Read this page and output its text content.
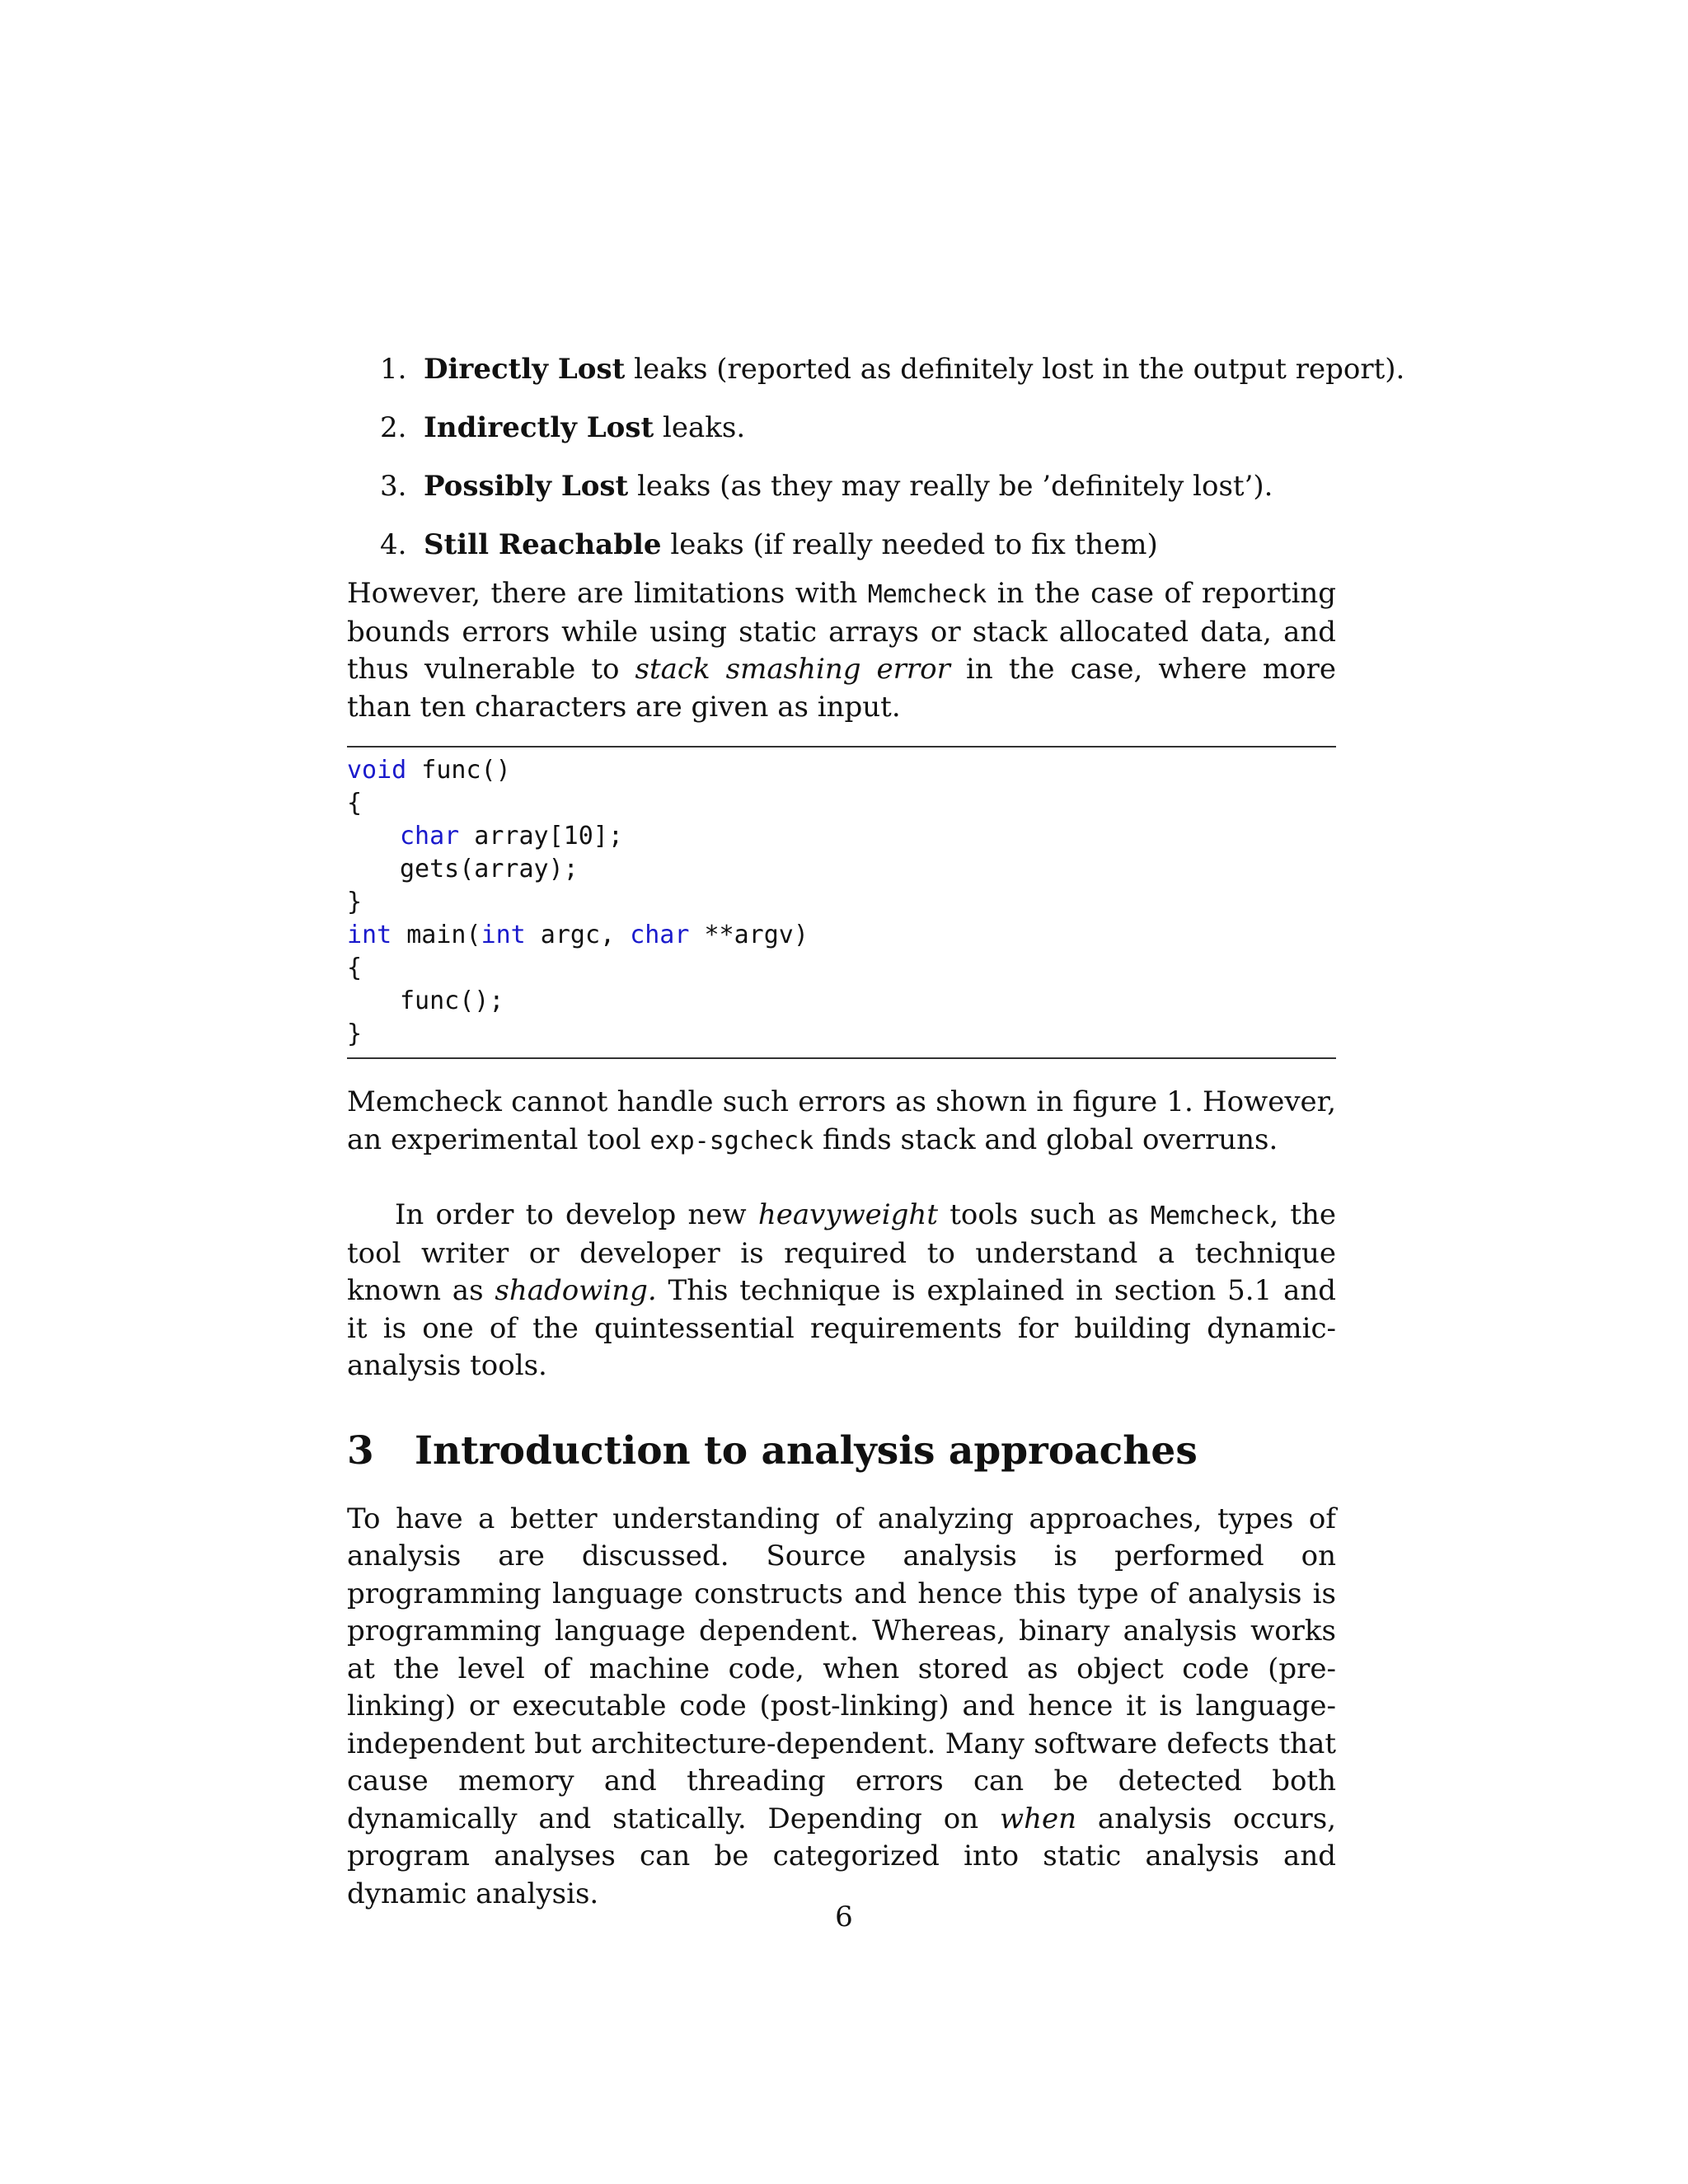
1. Directly Lost leaks (reported as definitely lost in the output report).
2. Indirectly Lost leaks.
3. Possibly Lost leaks (as they may really be ’definitely lost’).
4. Still Reachable leaks (if really needed to fix them)

However, there are limitations with Memcheck in the case of reporting bounds errors while using static arrays or stack allocated data, and thus vulnerable to stack smashing error in the case, where more than ten characters are given as input.

void func()
{
char array[10];
gets(array);
}
int main(int argc, char **argv)
{
func();
}

Memcheck cannot handle such errors as shown in figure 1. However, an experimental tool exp-sgcheck finds stack and global overruns.

In order to develop new heavyweight tools such as Memcheck, the tool writer or developer is required to understand a technique known as shadowing. This technique is explained in section 5.1 and it is one of the quintessential requirements for building dynamic-analysis tools.

3	Introduction to analysis approaches

To have a better understanding of analyzing approaches, types of analysis are discussed. Source analysis is performed on programming language constructs and hence this type of analysis is programming language dependent. Whereas, binary analysis works at the level of machine code, when stored as object code (pre-linking) or executable code (post-linking) and hence it is language-independent but architecture-dependent. Many software defects that cause memory and threading errors can be detected both dynamically and statically. Depending on when analysis occurs, program analyses can be categorized into static analysis and dynamic analysis.

6
